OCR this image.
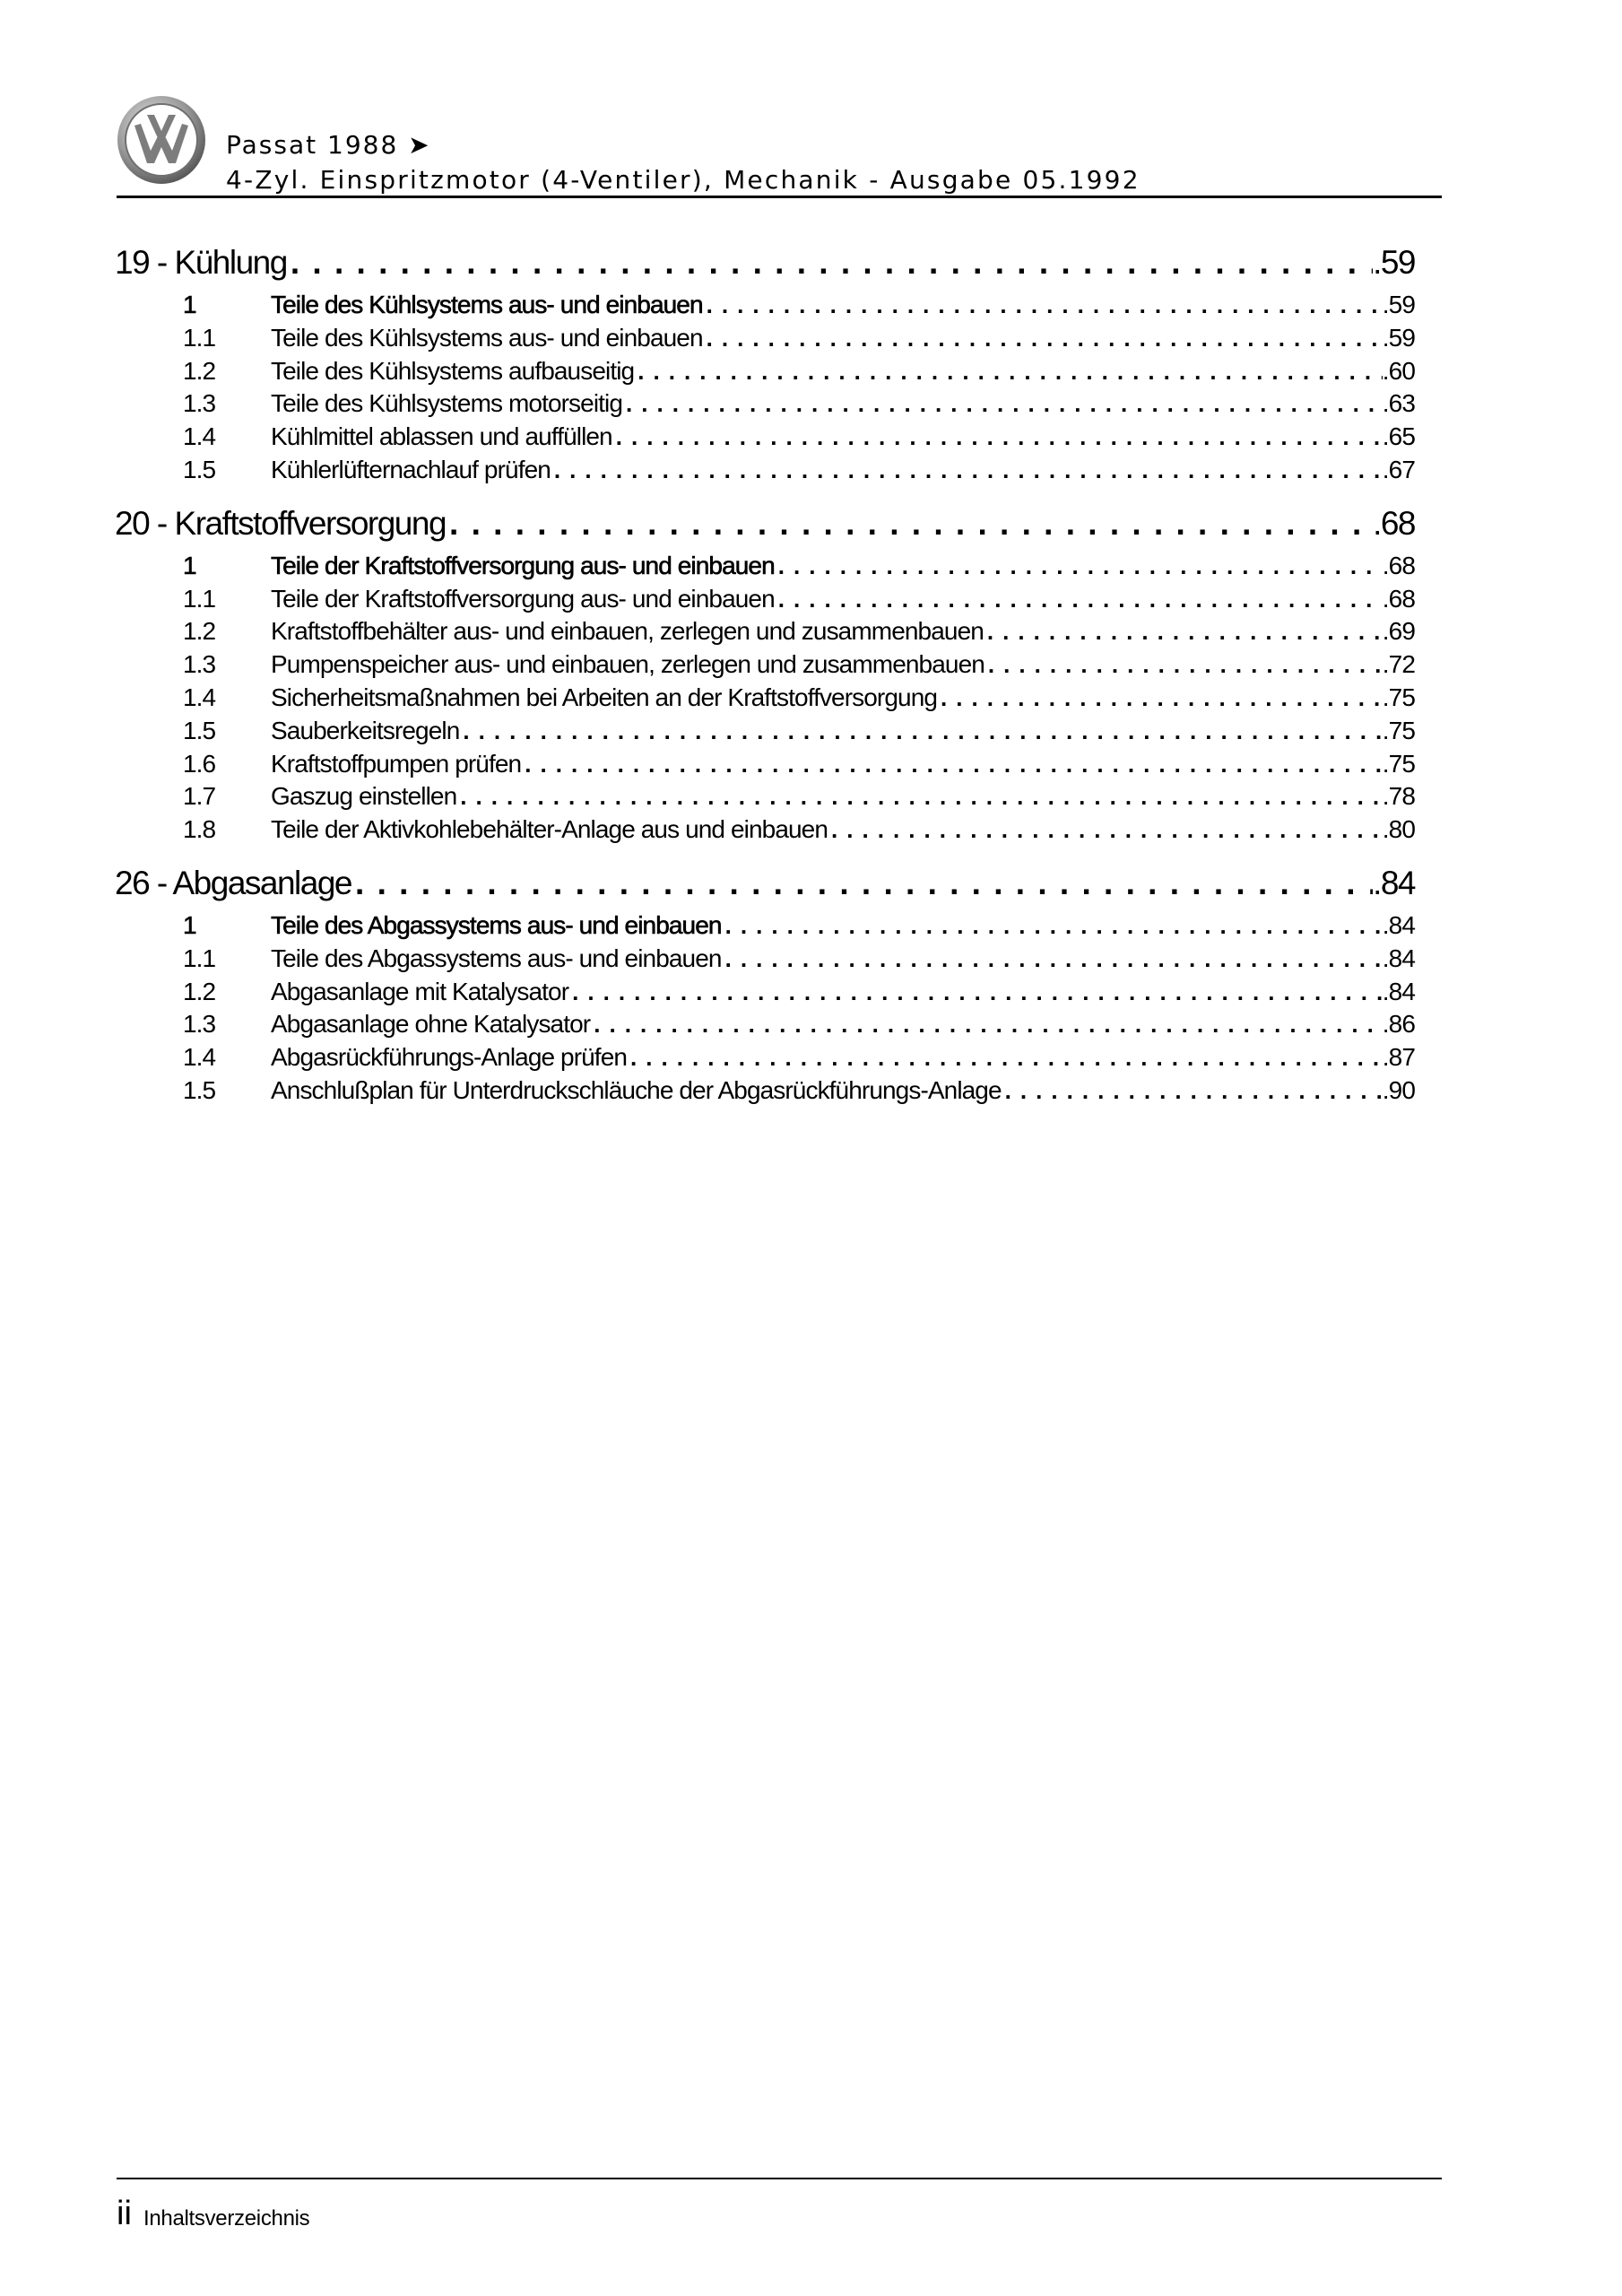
Passat 1988 ➤
4-Zyl. Einspritzmotor (4-Ventiler), Mechanik - Ausgabe 05.1992
19 - Kühlung . . .	.59
1	Teile des Kühlsystems aus- und einbauen . . .	.59
1.1	Teile des Kühlsystems aus- und einbauen . . .	.59
1.2	Teile des Kühlsystems aufbauseitig . . .	.60
1.3	Teile des Kühlsystems motorseitig . . .	.63
1.4	Kühlmittel ablassen und auffüllen . . .	.65
1.5	Kühlerlüfternachlauf prüfen . . .	.67
20 - Kraftstoffversorgung . . .	.68
1	Teile der Kraftstoffversorgung aus- und einbauen . . .	.68
1.1	Teile der Kraftstoffversorgung aus- und einbauen . . .	.68
1.2	Kraftstoffbehälter aus- und einbauen, zerlegen und zusammenbauen . . .	.69
1.3	Pumpenspeicher aus- und einbauen, zerlegen und zusammenbauen . . .	.72
1.4	Sicherheitsmaßnahmen bei Arbeiten an der Kraftstoffversorgung . . .	.75
1.5	Sauberkeitsregeln . . .	.75
1.6	Kraftstoffpumpen prüfen . . .	.75
1.7	Gaszug einstellen . . .	.78
1.8	Teile der Aktivkohlebehälter-Anlage aus und einbauen . . .	.80
26 - Abgasanlage . . .	.84
1	Teile des Abgassystems aus- und einbauen . . .	.84
1.1	Teile des Abgassystems aus- und einbauen . . .	.84
1.2	Abgasanlage mit Katalysator . . .	.84
1.3	Abgasanlage ohne Katalysator . . .	.86
1.4	Abgasrückführungs-Anlage prüfen . . .	.87
1.5	Anschlußplan für Unterdruckschläuche der Abgasrückführungs-Anlage . . .	.90
ii Inhaltsverzeichnis
